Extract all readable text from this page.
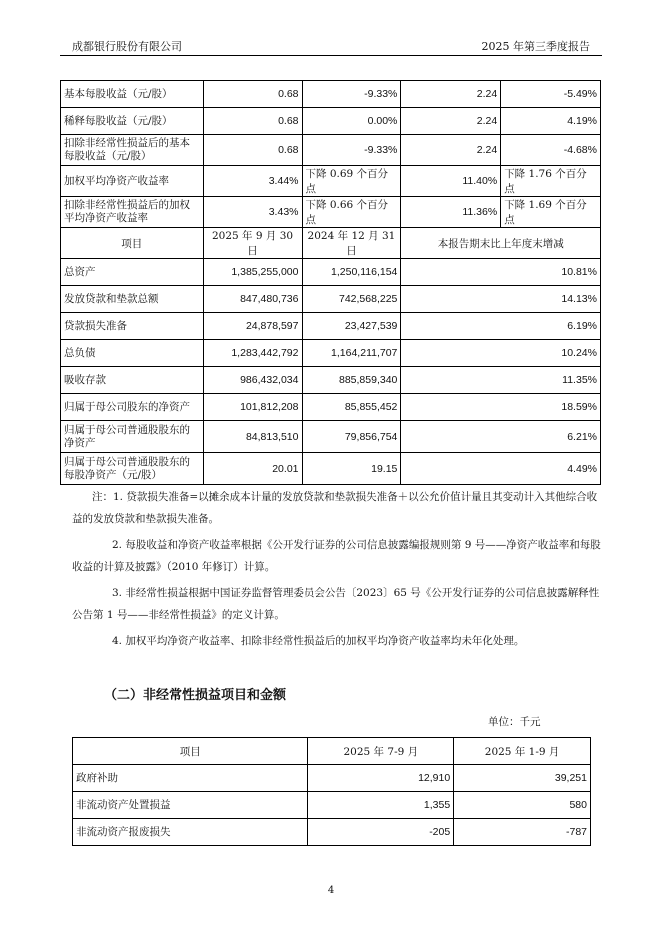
成都银行股份有限公司	2025 年第三季度报告
基本每股收益（元/股）	0.68	-9.33%	2.24	-5.49%
稀释每股收益（元/股）	0.68	0.00%	2.24	4.19%
扣除非经常性损益后的基本每股收益（元/股）	0.68	-9.33%	2.24	-4.68%
加权平均净资产收益率	3.44%	下降 0.69 个百分点	11.40%	下降 1.76 个百分点
扣除非经常性损益后的加权平均净资产收益率	3.43%	下降 0.66 个百分点	11.36%	下降 1.69 个百分点
项目	2025 年 9 月 30 日	2024 年 12 月 31 日	本报告期末比上年度末增减	
总资产	1,385,255,000	1,250,116,154	10.81%	
发放贷款和垫款总额	847,480,736	742,568,225	14.13%	
贷款损失准备	24,878,597	23,427,539	6.19%	
总负债	1,283,442,792	1,164,211,707	10.24%	
吸收存款	986,432,034	885,859,340	11.35%	
归属于母公司股东的净资产	101,812,208	85,855,452	18.59%	
归属于母公司普通股股东的净资产	84,813,510	79,856,754	6.21%	
归属于母公司普通股股东的每股净资产（元/股）	20.01	19.15	4.49%	

注：1. 贷款损失准备=以摊余成本计量的发放贷款和垫款损失准备＋以公允价值计量且其变动计入其他综合收益的发放贷款和垫款损失准备。

2. 每股收益和净资产收益率根据《公开发行证券的公司信息披露编报规则第 9 号——净资产收益率和每股收益的计算及披露》（2010 年修订）计算。

3. 非经常性损益根据中国证券监督管理委员会公告〔2023〕65 号《公开发行证券的公司信息披露解释性公告第 1 号——非经常性损益》的定义计算。

4. 加权平均净资产收益率、扣除非经常性损益后的加权平均净资产收益率均未年化处理。

（二）非经常性损益项目和金额
单位：千元
项目	2025 年 7-9 月	2025 年 1-9 月
政府补助	12,910	39,251
非流动资产处置损益	1,355	580
非流动资产报废损失	-205	-787
4
